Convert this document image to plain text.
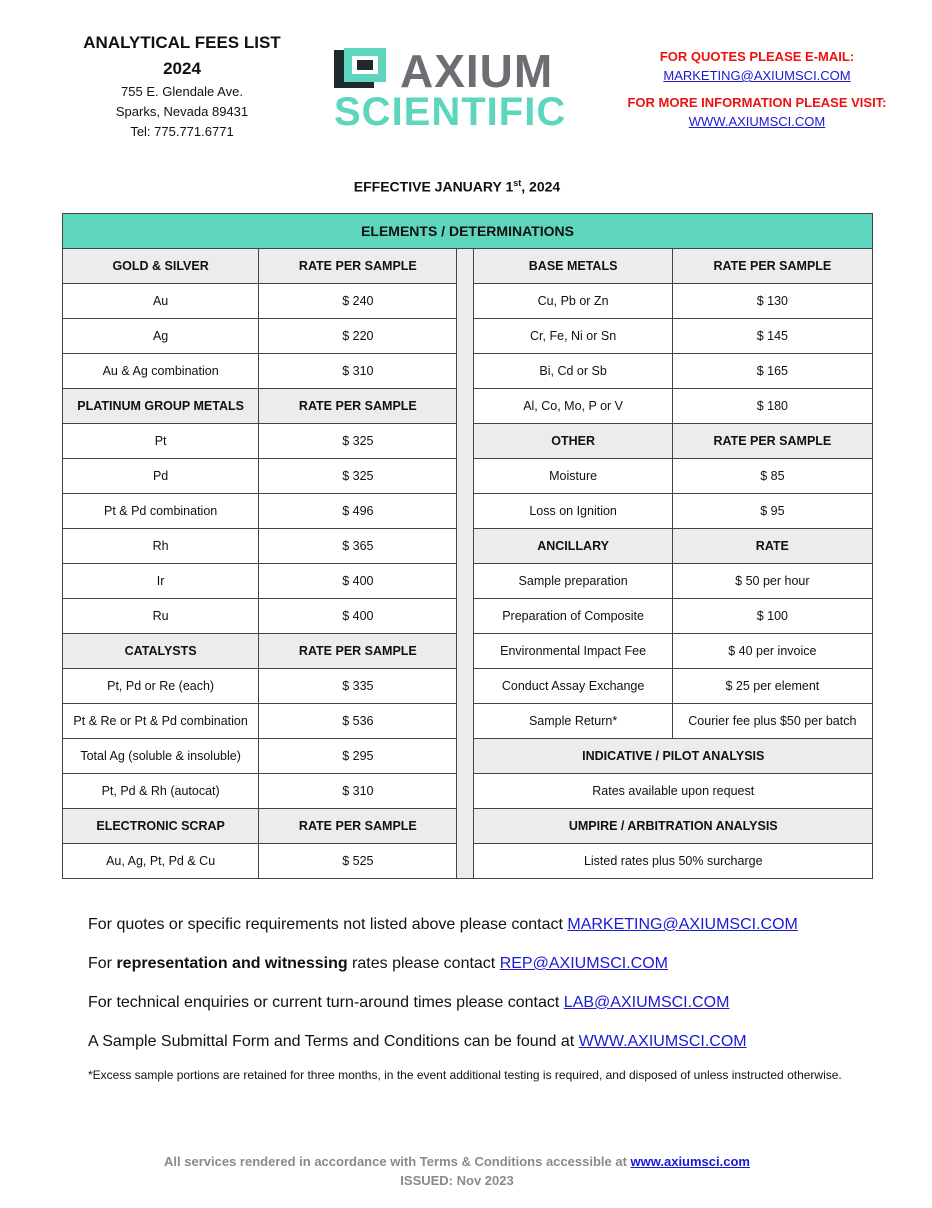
ANALYTICAL FEES LIST
2024
755 E. Glendale Ave.
Sparks, Nevada 89431
Tel: 775.771.6771
AXIUM
SCIENTIFIC
FOR QUOTES PLEASE E-MAIL:
MARKETING@AXIUMSCI.COM
FOR MORE INFORMATION PLEASE VISIT:
WWW.AXIUMSCI.COM
EFFECTIVE JANUARY 1st, 2024
ELEMENTS / DETERMINATIONS				
GOLD & SILVER	RATE PER SAMPLE		BASE METALS	RATE PER SAMPLE
Au	$ 240		Cu, Pb or Zn	$ 130
Ag	$ 220		Cr, Fe, Ni or Sn	$ 145
Au & Ag combination	$ 310		Bi, Cd or Sb	$ 165
PLATINUM GROUP METALS	RATE PER SAMPLE		Al, Co, Mo, P or V	$ 180
Pt	$ 325		OTHER	RATE PER SAMPLE
Pd	$ 325		Moisture	$ 85
Pt & Pd combination	$ 496		Loss on Ignition	$ 95
Rh	$ 365		ANCILLARY	RATE
Ir	$ 400		Sample preparation	$ 50 per hour
Ru	$ 400		Preparation of Composite	$ 100
CATALYSTS	RATE PER SAMPLE		Environmental Impact Fee	$ 40 per invoice
Pt, Pd or Re (each)	$ 335		Conduct Assay Exchange	$ 25 per element
Pt & Re or Pt & Pd combination	$ 536		Sample Return*	Courier fee plus $50 per batch
Total Ag (soluble & insoluble)	$ 295		INDICATIVE / PILOT ANALYSIS	
Pt, Pd & Rh (autocat)	$ 310		Rates available upon request	
ELECTRONIC SCRAP	RATE PER SAMPLE		UMPIRE / ARBITRATION ANALYSIS	
Au, Ag, Pt, Pd & Cu	$ 525		Listed rates plus 50% surcharge	

For quotes or specific requirements not listed above please contact MARKETING@AXIUMSCI.COM

For representation and witnessing rates please contact REP@AXIUMSCI.COM

For technical enquiries or current turn-around times please contact LAB@AXIUMSCI.COM

A Sample Submittal Form and Terms and Conditions can be found at WWW.AXIUMSCI.COM

*Excess sample portions are retained for three months, in the event additional testing is required, and disposed of unless instructed otherwise.

All services rendered in accordance with Terms & Conditions accessible at www.axiumsci.com
ISSUED: Nov 2023
